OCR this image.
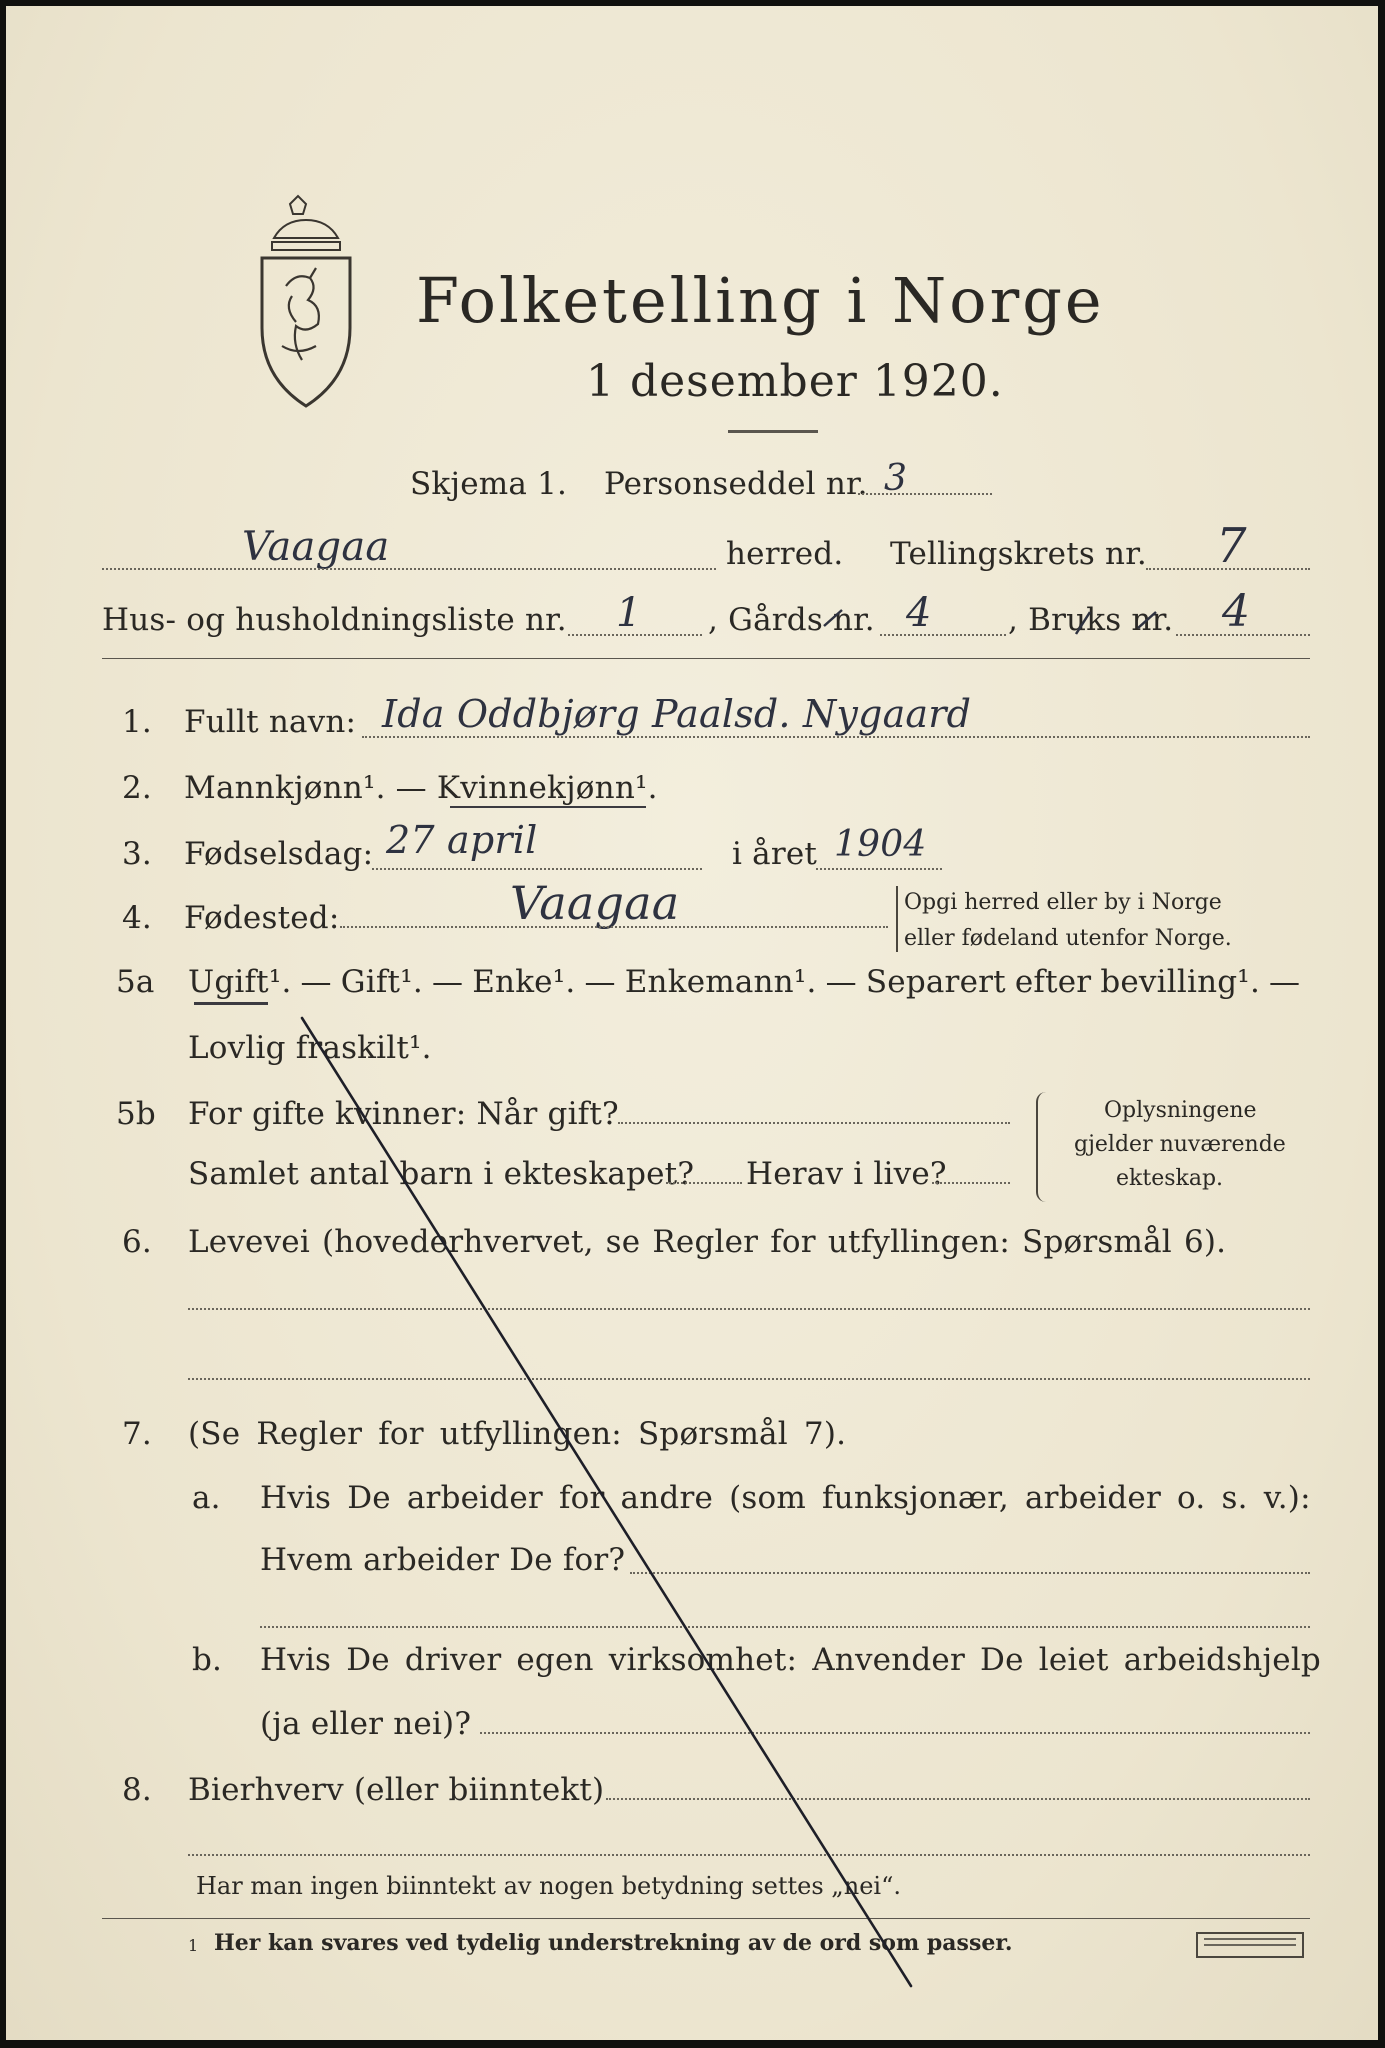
Folketelling i Norge
1 desember 1920.
Skjema 1. Personseddel nr. 3
Vaagaa	herred. Tellingskrets nr. 7
Hus- og husholdningsliste nr. 1 , Gårds nr. 4 , Bruks nr. 4
1. Fullt navn: Ida Oddbjørg Paalsd. Nygaard
2. Mannkjønn¹. — Kvinnekjønn¹.
3. Fødselsdag: 27 april	i året 1904
4. Fødested:	Vaagaa	Opgi herred eller by i Norge
eller fødeland utenfor Norge.
5a Ugift¹. — Gift¹. — Enke¹. — Enkemann¹. — Separert efter bevilling¹. —
Lovlig fraskilt¹.
5b For gifte kvinner: Når gift?
Samlet antal barn i ekteskapet? Herav i live?
Oplysningene
gjelder nuværende
ekteskap.
6. Levevei (hovederhvervet, se Regler for utfyllingen: Spørsmål 6).
7. (Se Regler for utfyllingen: Spørsmål 7).
a. Hvis De arbeider for andre (som funksjonær, arbeider o. s. v.):
Hvem arbeider De for?
b. Hvis De driver egen virksomhet: Anvender De leiet arbeidshjelp
(ja eller nei)?
8. Bierhverv (eller biinntekt)
Har man ingen biinntekt av nogen betydning settes „nei“.
1 Her kan svares ved tydelig understrekning av de ord som passer.
